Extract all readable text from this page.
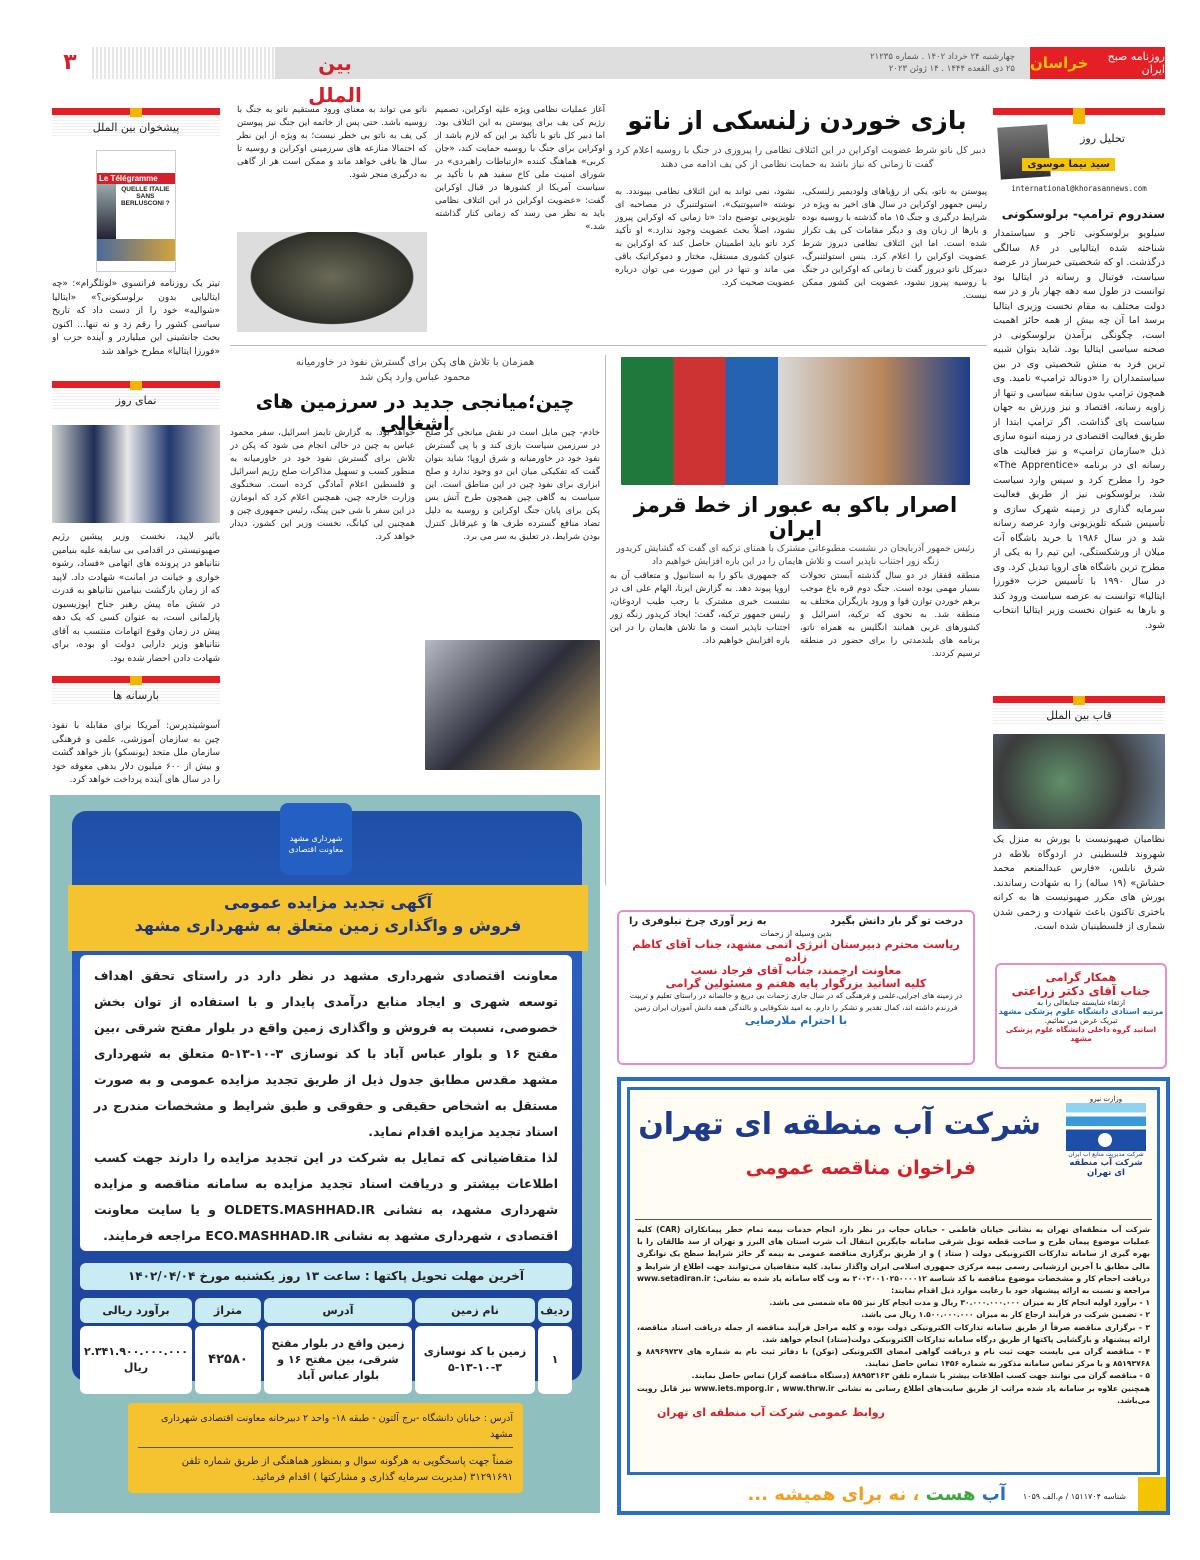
روزنامه صبح ایران
خراسان
چهارشنبه ۲۴ خرداد ۱۴۰۲ . شماره ۲۱۲۳۵
۲۵ ذی القعده ۱۴۴۴ . ۱۴ ژوئن ۲۰۲۳
بین الملل
۳
تحلیل روز
سید نیما موسوی
international@khorasannews.com
سندروم ترامپ- برلوسکونی
سیلویو برلوسکونی تاجر و سیاستمدار شناخته شده ایتالیایی در ۸۶ سالگی درگذشت. او که شخصیتی خبرساز در عرصه سیاست، فوتبال و رسانه در ایتالیا بود توانست در طول سه دهه چهار بار و در سه دولت مختلف به مقام نخست وزیری ایتالیا برسد اما آن چه بیش از همه حائز اهمیت است، چگونگی برآمدن برلوسکونی در صحنه سیاسی ایتالیا بود. شاید بتوان شبیه ترین فرد به منش شخصیتی وی در بین سیاستمداران را «دونالد ترامپ» نامید. وی همچون ترامپ بدون سابقه سیاسی و تنها از زاویه رسانه، اقتصاد و نیز ورزش به جهان سیاست پای گذاشت. اگر ترامپ ابتدا از طریق فعالیت اقتصادی در زمینه انبوه سازی ذیل «سازمان ترامپ» و نیز فعالیت های رسانه ای در برنامه «The Apprentice» خود را مطرح کرد و سپس وارد سیاست شد، برلوسکونی نیز از طریق فعالیت سرمایه گذاری در زمینه شهرک سازی و تأسیس شبکه تلویزیونی وارد عرصه رسانه شد و در سال ۱۹۸۶ با خرید باشگاه آث میلان از ورشکستگی، این تیم را به یکی از مطرح ترین باشگاه های اروپا تبدیل کرد. وی در سال ۱۹۹۰ با تأسیس حزب «فورزا ایتالیا» توانست به عرصه سیاست ورود کند و بارها به عنوان نخست وزیر ایتالیا انتخاب شود.
قاب بین الملل
نظامیان صهیونیست با یورش به منزل یک شهروند فلسطینی در اردوگاه بلاطه در شرق نابلس، «فارس عبدالمنعم محمد حشاش» (۱۹ ساله) را به شهادت رساندند. یورش های مکرر صهیونیست ها به کرانه باختری تاکنون باعث شهادت و زخمی شدن شماری از فلسطینیان شده است.
همکار گرامی
جناب آقای دکتر زراعتی
ارتقاء شایسته جنابعالی را به
مرتبه استادی دانشگاه علوم پزشکی مشهد
تبریک عرض می نمائیم.
اساتید گروه داخلی دانشگاه علوم پزشکی مشهد
بازی خوردن زلنسکی از ناتو
دبیر کل ناتو شرط عضویت اوکراین در این ائتلاف نظامی را پیروزی در جنگ با روسیه اعلام کرد و گفت تا زمانی که نیاز باشد به حمایت نظامی از کی یف ادامه می دهند
پیوستن به ناتو، یکی از رؤیاهای ولودیمیر زلنسکی، رئیس جمهور اوکراین در سال های اخیر به ویژه در شرایط درگیری و جنگ ۱۵ ماه گذشته با روسیه بوده و بارها از زبان وی و دیگر مقامات کی یف تکرار شده است. اما این ائتلاف نظامی دیروز شرط عضویت اوکراین را اعلام کرد. ینس استولتنبرگ، دبیرکل ناتو دیروز گفت تا زمانی که اوکراین در جنگ با روسیه پیروز نشود، عضویت این کشور ممکن نیست.
نشود، نمی تواند به این ائتلاف نظامی بپیوندد. به نوشته «اسپوتنیک»، استولتنبرگ در مصاحبه ای تلویزیونی توضیح داد: «تا زمانی که اوکراین پیروز نشود، اصلاً بحث عضویت وجود ندارد.» او تأکید کرد ناتو باید اطمینان حاصل کند که اوکراین به عنوان کشوری مستقل، مختار و دموکراتیک باقی می ماند و تنها در این صورت می توان درباره عضویت صحبت کرد.
آغاز عملیات نظامی ویژه علیه اوکراین، تصمیم رژیم کی یف برای پیوستن به این ائتلاف بود. اما دبیر کل ناتو با تأکید بر این که لازم باشد از اوکراین برای جنگ با روسیه حمایت کند، «جان کربی» هماهنگ کننده «ارتباطات راهبردی» در شورای امنیت ملی کاخ سفید هم با تأکید بر سیاست آمریکا از کشورها در قبال اوکراین گفت: «عضویت اوکراین در این ائتلاف نظامی باید به نظر می رسد که زمانی کنار گذاشته شد.»
ناتو می تواند به معنای ورود مستقیم ناتو به جنگ با روسیه باشد. حتی پس از خاتمه این جنگ نیز پیوستن کی یف به ناتو بی خطر نیست؛ به ویژه از این نظر که احتمالا منازعه های سرزمینی اوکراین و روسیه تا سال ها باقی خواهد ماند و ممکن است هر از گاهی به درگیری منجر شود.
همزمان با تلاش های پکن برای گسترش نفوذ در خاورمیانه
محمود عباس وارد پکن شد
چین؛میانجی جدید در سرزمین های اشغالی
خادم- چین مایل است در نقش میانجی گر صلح در سرزمین سیاست بازی کند و با پی گسترش نفوذ خود در خاورمیانه و شرق اروپا؛ شاید بتوان گفت که تفکیکی میان این دو وجود ندارد و صلح ابزاری برای نفوذ چین در این مناطق است. این سیاست به گاهی چین همچون طرح آتش بس پکن برای پایان جنگ اوکراین و روسیه به دلیل تضاد منافع گسترده طرف ها و غیرقابل کنترل بودن شرایط، در تعلیق به سر می برد.
خواهد بود. به گزارش تایمز اسرائیل، سفر محمود عباس به چین در حالی انجام می شود که پکن در تلاش برای گسترش نفوذ خود در خاورمیانه به منظور کسب و تسهیل مذاکرات صلح رژیم اسرائیل و فلسطین اعلام آمادگی کرده است. سخنگوی وزارت خارجه چین، همچنین اعلام کرد که ابومازن در این سفر با شی جین پینگ، رئیس جمهوری چین و همچنین لی کیانگ، نخست وزیر این کشور، دیدار خواهد کرد.
اصرار باکو به عبور از خط قرمز ایران
رئیس جمهور آذربایجان در نشست مطبوعاتی مشترک با همتای ترکیه ای گفت که گشایش کریدور زنگه زور اجتناب ناپذیر است و تلاش هایمان را در این باره افزایش خواهیم داد
منطقه قفقاز در دو سال گذشته آبستن تحولات بسیار مهمی بوده است. جنگ دوم قره باغ موجب برهم خوردن توازن قوا و ورود بازیگران مختلف به منطقه شد. به نحوی که ترکیه، اسرائیل و کشورهای غربی همانند انگلیس به همراه ناتو، برنامه های بلندمدتی را برای حضور در منطقه ترسیم کردند.
که جمهوری باکو را به استانبول و متعاقب آن به اروپا پیوند دهد. به گزارش ایرنا، الهام علی اف در نشست خبری مشترک با رجب طیب اردوغان، رئیس جمهور ترکیه، گفت: ایجاد کریدور زنگه زور اجتناب ناپذیر است و ما تلاش هایمان را در این باره افزایش خواهیم داد.
پیشخوان بین الملل
Le Télégramme
QUELLE ITALIE SANS BERLUSCONI ?
تیتر یک روزنامه فرانسوی «لوتلگرام»: «چه ایتالیایی بدون برلوسکونی؟» «ایتالیا «شوالیه» خود را از دست داد که تاریخ سیاسی کشور را رقم زد و نه تنها... اکنون بحث جانشینی این میلیاردر و آینده حزب او «فورزا ایتالیا» مطرح خواهد شد
نمای روز
یائیر لاپید، نخست وزیر پیشین رژیم صهیونیستی در اقدامی بی سابقه علیه بنیامین نتانیاهو در پرونده های اتهامی «فساد، رشوه خواری و خیانت در امانت» شهادت داد. لاپید که از زمان بازگشت بنیامین نتانیاهو به قدرت در شش ماه پیش رهبر جناح اپوزیسیون پارلمانی است، به عنوان کسی که یک دهه پیش در زمان وقوع اتهامات منتسب به آقای نتانیاهو وزیر دارایی دولت او بوده، برای شهادت دادن احضار شده بود.
بارسانه ها
آسوشیتدپرس: آمریکا برای مقابله با نفوذ چین به سازمان آموزشی، علمی و فرهنگی سازمان ملل متحد (یونسکو) باز خواهد گشت و بیش از ۶۰۰ میلیون دلار بدهی معوقه خود را در سال های آینده پرداخت خواهد کرد.
شهرداری مشهد
معاونت اقتصادی
آگهی تجدید مزایده عمومی
فروش و واگذاری زمین متعلق به شهرداری مشهد

معاونت اقتصادی شهرداری مشهد در نظر دارد در راستای تحقق اهداف توسعه شهری و ایجاد منابع درآمدی پایدار و با استفاده از توان بخش خصوصی، نسبت به فروش و واگذاری زمین واقع در بلوار مفتح شرقی ،بین مفتح ۱۶ و بلوار عباس آباد با کد نوسازی ۳-۱۰-۱۳-۵ متعلق به شهرداری مشهد مقدس مطابق جدول ذیل از طریق تجدید مزایده عمومی و به صورت مستقل به اشخاص حقیقی و حقوقی و طبق شرایط و مشخصات مندرج در اسناد تجدید مزایده اقدام نماید.

لذا متقاضیانی که تمایل به شرکت در این تجدید مزایده را دارند جهت کسب اطلاعات بیشتر و دریافت اسناد تجدید مزایده به سامانه مناقصه و مزایده شهرداری مشهد، به نشانی OLDETS.MASHHAD.IR و یا سایت معاونت اقتصادی ، شهرداری مشهد به نشانی ECO.MASHHAD.IR مراجعه فرمایند.

آخرین مهلت تحویل پاکتها : ساعت ۱۳ روز یکشنبه مورخ ۱۴۰۲/۰۴/۰۴
ردیف	نام زمین	آدرس	متراژ	برآورد ریالی
۱	زمین با کد نوسازی ۳-۱۰-۱۳-۵	زمین واقع در بلوار مفتح شرقی، بین مفتح ۱۶ و بلوار عباس آباد	۴۲۵۸۰	۲.۳۴۱.۹۰۰.۰۰۰.۰۰۰ ریال
آدرس : خیابان دانشگاه -برج آلتون - طبقه ۱۸- واحد ۲ دبیرخانه معاونت اقتصادی شهرداری مشهد
ضمناً جهت پاسخگویی به هرگونه سوال و بمنظور هماهنگی از طریق شماره تلفن ۳۱۲۹۱۶۹۱ (مدیریت سرمایه گذاری و مشارکتها ) اقدام فرمائید.
درخت تو گر بار دانش بگیرد
به زیر آوری چرخ نیلوفری را
بدین وسیله از زحمات
ریاست محترم دبیرستان انرژی اتمی مشهد، جناب آقای کاظم زاده
معاونت ارجمند، جناب آقای فرجاد نسب
کلیه اساتید بزرگوار پایه هفتم و مسئولین گرامی
در زمینه های اجرایی،علمی و فرهنگی که در سال جاری زحمات بی دریغ و خالصانه در راستای تعلیم و تربیت فرزندم داشته اند، کمال تقدیر و تشکر را دارم. به امید شکوفایی و بالندگی همه دانش آموزان ایران زمین
با احترام ملارضایی
وزارت نیرو
شرکت مدیریت منابع آب ایران
شرکت آب منطقه ای تهران
شرکت آب منطقه ای تهران
فراخوان مناقصه عمومی
شرکت آب منطقه‌ای تهران به نشانی خیابان فاطمی - خیابان حجاب در نظر دارد انجام خدمات بیمه تمام خطر پیمانکاران (CAR) کلیه عملیات موضوع پیمان طرح و ساخت قطعه تونل شرقی سامانه جایگزین انتقال آب شرب استان های البرز و تهران از سد طالقان را با بهره گیری از سامانه تدارکات الکترونیکی دولت ( ستاد ) و از طریق برگزاری مناقصه عمومی به بیمه گر حائز شرایط سطح یک توانگری مالی مطابق با آخرین ارزشیابی رسمی بیمه مرکزی جمهوری اسلامی ایران واگذار نماید. کلیه متقاضیان می‌توانند جهت اطلاع از شرایط و دریافت احجام کار و مشخصات موضوع مناقصه با کد شناسه ۲۰۰۲۰۰۱۰۲۵۰۰۰۰۱۲ به وب گاه سامانه یاد شده به نشانی: www.setadiran.ir مراجعه و نسبت به ارائه پیشنهاد خود با رعایت موارد ذیل اقدام نمایند:
۱ - برآورد اولیه انجام کار به میزان ۳۰.۰۰۰.۰۰۰.۰۰۰ ریال و مدت انجام کار نیز ۵۵ ماه شمسی می باشد.
۲ - تضمین شرکت در فرآیند ارجاع کار به میزان ۱.۵۰۰.۰۰۰.۰۰۰ ریال می باشد.
۳ - برگزاری مناقصه صرفاً از طریق سامانه تدارکات الکترونیکی دولت بوده و کلیه مراحل فرآیند مناقصه از جمله دریافت اسناد مناقصه، ارائه پیشنهاد و بازگشایی پاکتها از طریق درگاه سامانه تدارکات الکترونیکی دولت(ستاد) انجام خواهد شد.
۴ - مناقصه گران می بایست جهت ثبت نام و دریافت گواهی امضای الکترونیکی (توکن) با دفاتر ثبت نام به شماره های ۸۸۹۶۹۷۳۷ و ۸۵۱۹۳۷۶۸ و یا مرکز تماس سامانه مذکور به شماره ۱۴۵۶ تماس حاصل نمایند.
۵ - مناقصه گران می توانند جهت کسب اطلاعات بیشتر با شماره تلفن ۸۸۹۵۳۱۶۳ (دستگاه مناقصه گزار) تماس حاصل نمایند.
همچنین علاوه بر سامانه یاد شده مراتب از طریق سایت‌های اطلاع رسانی به نشانی www.iets.mporg.ir , www.thrw.ir نیز قابل رویت می‌باشد.
روابط عمومی شرکت آب منطقه ای تهران
شناسه ۱۵۱۱۷۰۴ / م.الف ۱۰۵۹
آب هست ، نه برای همیشه ...
